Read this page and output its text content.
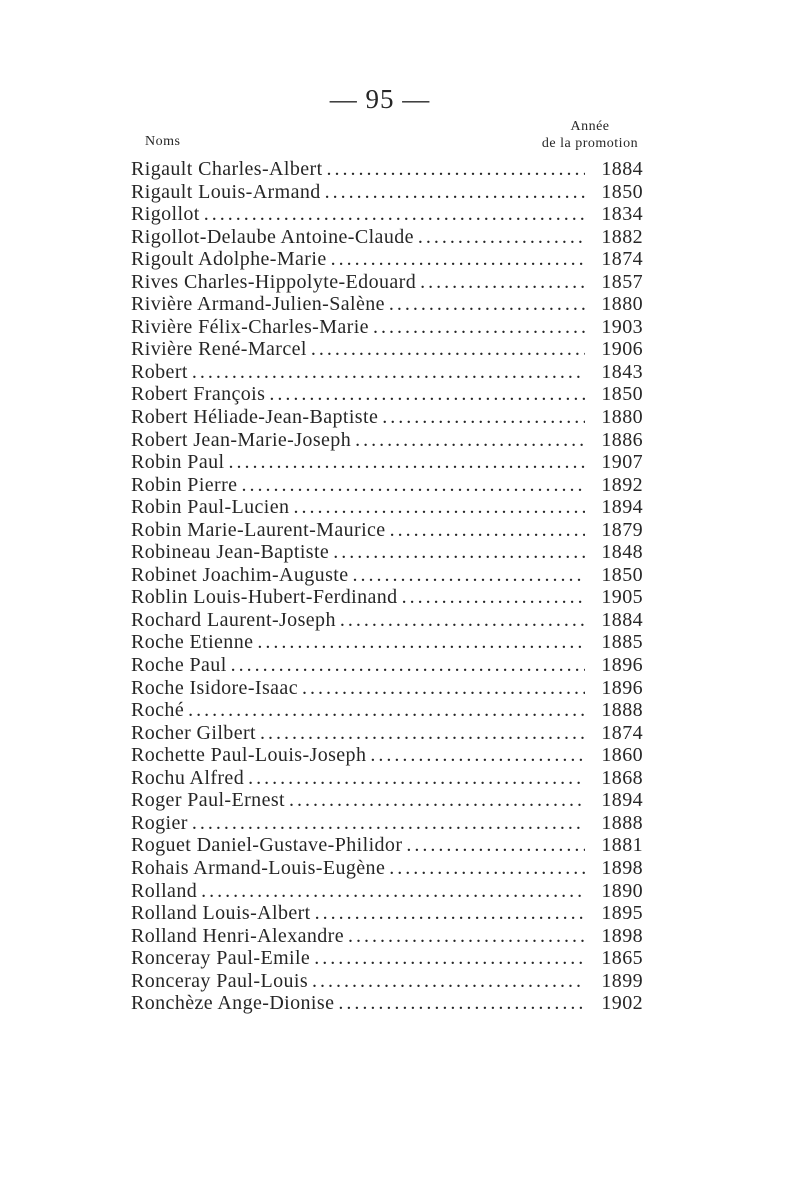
— 95 —
Noms
Année
de la promotion
Rigault Charles-Albert .....	1884
Rigault Louis-Armand .....	1850
Rigollot .....	1834
Rigollot-Delaube Antoine-Claude .....	1882
Rigoult Adolphe-Marie .....	1874
Rives Charles-Hippolyte-Edouard .....	1857
Rivière Armand-Julien-Salène .....	1880
Rivière Félix-Charles-Marie .....	1903
Rivière René-Marcel .....	1906
Robert .....	1843
Robert François .....	1850
Robert Héliade-Jean-Baptiste .....	1880
Robert Jean-Marie-Joseph .....	1886
Robin Paul .....	1907
Robin Pierre .....	1892
Robin Paul-Lucien .....	1894
Robin Marie-Laurent-Maurice .....	1879
Robineau Jean-Baptiste .....	1848
Robinet Joachim-Auguste .....	1850
Roblin Louis-Hubert-Ferdinand .....	1905
Rochard Laurent-Joseph .....	1884
Roche Etienne .....	1885
Roche Paul .....	1896
Roche Isidore-Isaac .....	1896
Roché .....	1888
Rocher Gilbert .....	1874
Rochette Paul-Louis-Joseph .....	1860
Rochu Alfred .....	1868
Roger Paul-Ernest .....	1894
Rogier .....	1888
Roguet Daniel-Gustave-Philidor .....	1881
Rohais Armand-Louis-Eugène .....	1898
Rolland .....	1890
Rolland Louis-Albert .....	1895
Rolland Henri-Alexandre .....	1898
Ronceray Paul-Emile .....	1865
Ronceray Paul-Louis .....	1899
Ronchèze Ange-Dionise .....	1902
